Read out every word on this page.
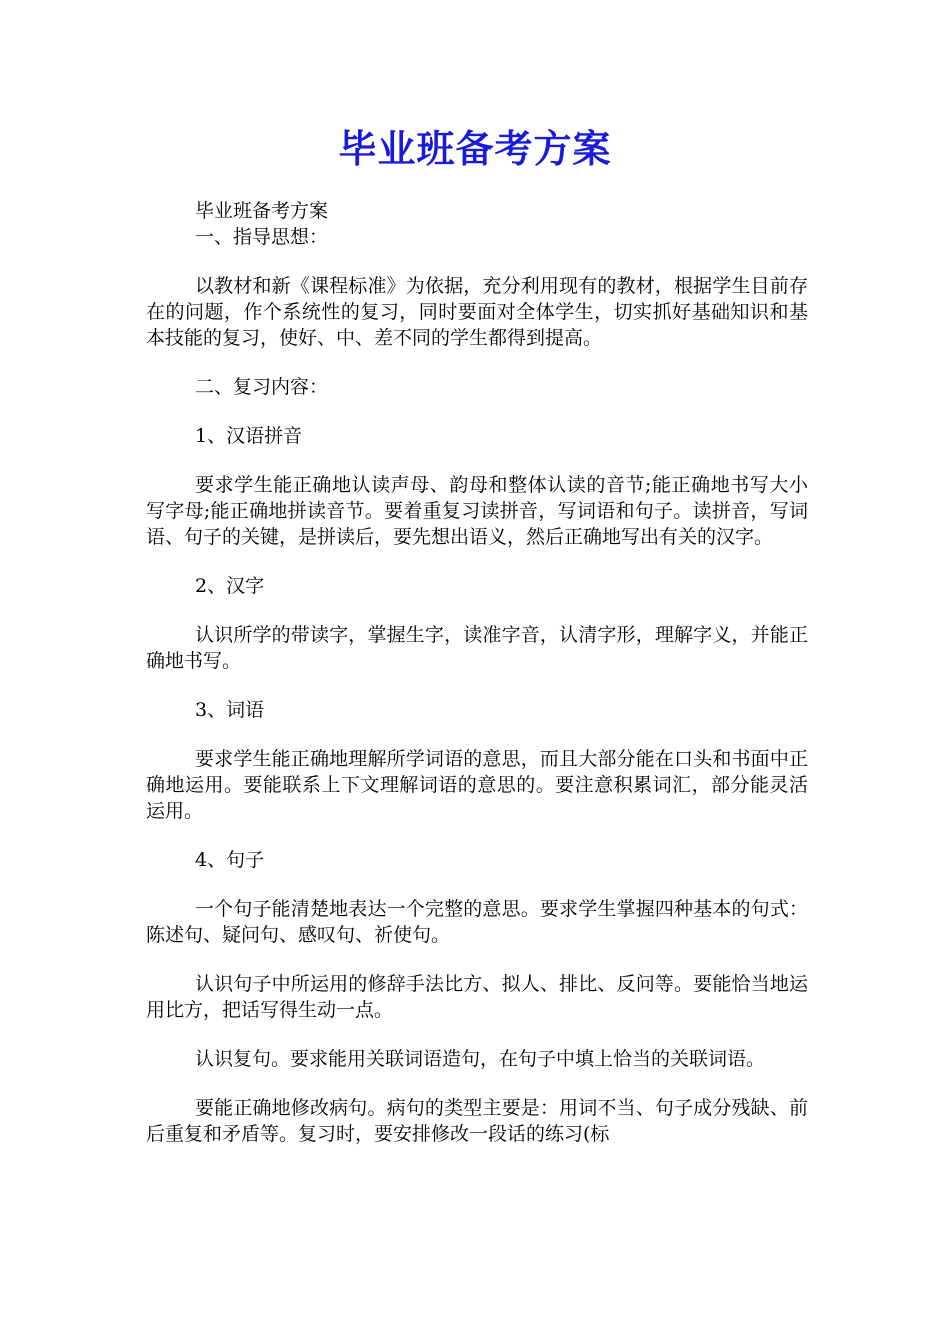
毕业班备考方案

毕业班备考方案

一、指导思想：

以教材和新《课程标准》为依据，充分利用现有的教材，根据学生目前存在的问题，作个系统性的复习，同时要面对全体学生，切实抓好基础知识和基本技能的复习，使好、中、差不同的学生都得到提高。

二、复习内容：

1、汉语拼音

要求学生能正确地认读声母、韵母和整体认读的音节;能正确地书写大小写字母;能正确地拼读音节。要着重复习读拼音，写词语和句子。读拼音，写词语、句子的关键，是拼读后，要先想出语义，然后正确地写出有关的汉字。

2、汉字

认识所学的带读字，掌握生字，读准字音，认清字形，理解字义，并能正确地书写。

3、词语

要求学生能正确地理解所学词语的意思，而且大部分能在口头和书面中正确地运用。要能联系上下文理解词语的意思的。要注意积累词汇，部分能灵活运用。

4、句子

一个句子能清楚地表达一个完整的意思。要求学生掌握四种基本的句式：陈述句、疑问句、感叹句、祈使句。

认识句子中所运用的修辞手法比方、拟人、排比、反问等。要能恰当地运用比方，把话写得生动一点。

认识复句。要求能用关联词语造句，在句子中填上恰当的关联词语。

要能正确地修改病句。病句的类型主要是：用词不当、句子成分残缺、前后重复和矛盾等。复习时，要安排修改一段话的练习(标
